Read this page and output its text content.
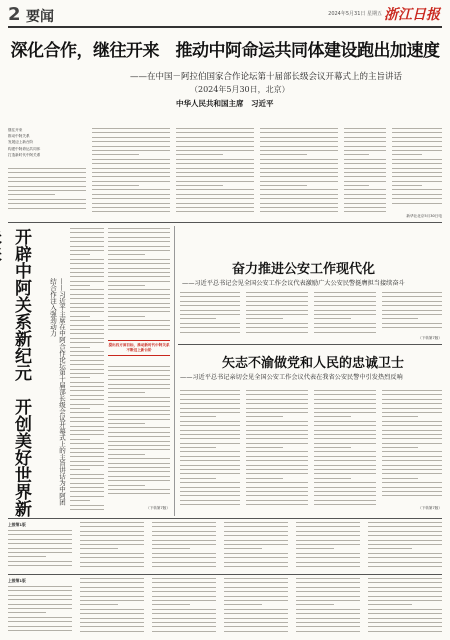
2 要闻	2024年5月31日 星期五 浙江日报
深化合作，继往开来　推动中阿命运共同体建设跑出加速度
——在中国－阿拉伯国家合作论坛第十届部长级会议开幕式上的主旨讲话
（2024年5月30日，北京）
中华人民共和国主席　习近平
继往开来
推动中阿关系
发展迈上新台阶
构建中阿命运共同体
打造新时代中阿关系
新华社北京5月30日电
开辟中阿关系新纪元　开创美好世界新
——习近平主席在中阿合作论坛第十届部长级会议开幕式上的主旨讲话为中阿团结合作注入强劲动力
提出四方面目标，推动新时代中阿关系不断迈上新台阶
（下转第7版）
奋力推进公安工作现代化
——习近平总书记会见全国公安工作会议代表激励广大公安民警挺膺担当接续奋斗
（下转第7版）
矢志不渝做党和人民的忠诚卫士
——习近平总书记亲切会见全国公安工作会议代表在我省公安民警中引发热烈反响
（下转第7版）
上接第1版
上接第1版
